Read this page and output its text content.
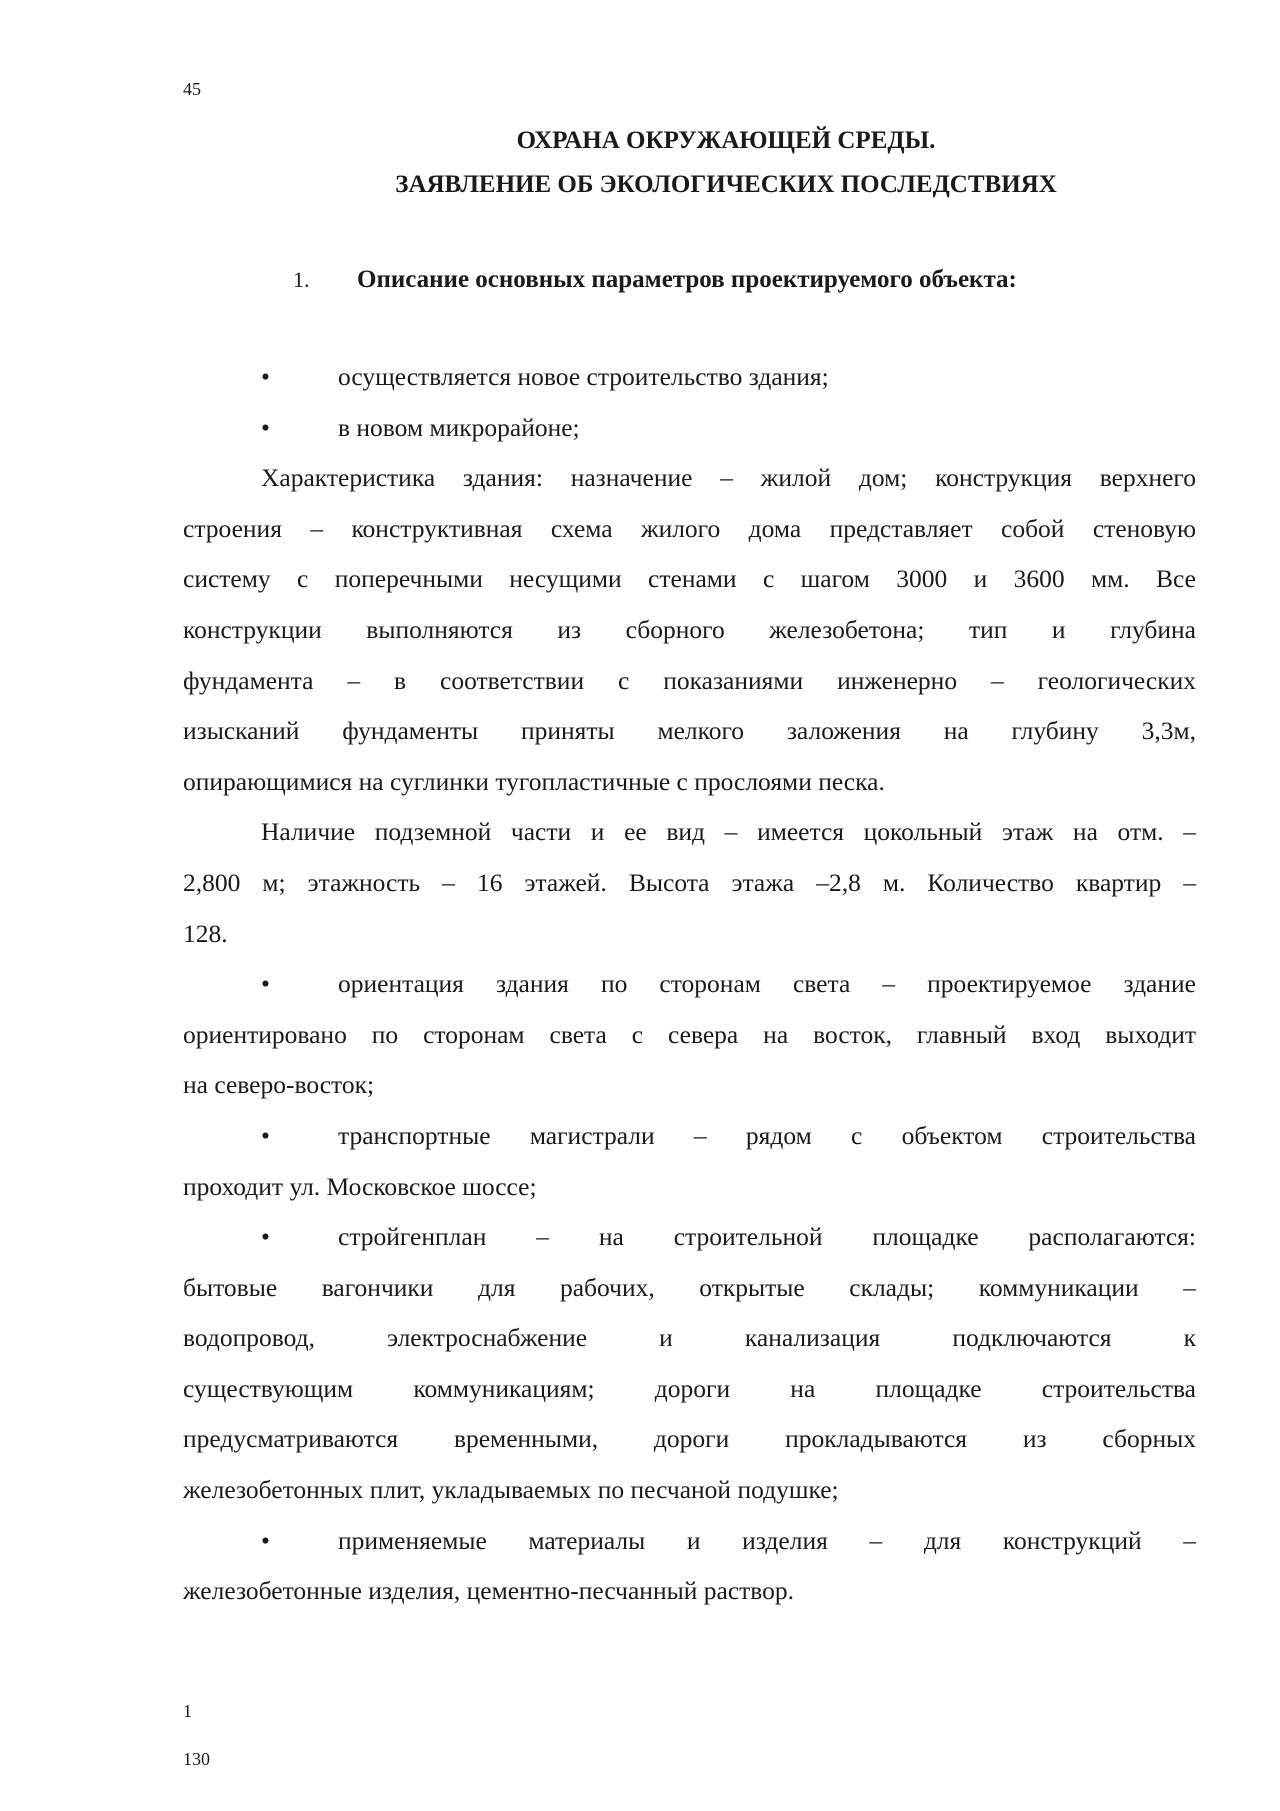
45
ОХРАНА ОКРУЖАЮЩЕЙ СРЕДЫ.
ЗАЯВЛЕНИЕ ОБ ЭКОЛОГИЧЕСКИХ ПОСЛЕДСТВИЯХ
1. Описание основных параметров проектируемого объекта:
•	осуществляется новое строительство здания;
•	в новом микрорайоне;
Характеристика здания: назначение – жилой дом; конструкция верхнего
строения – конструктивная схема жилого дома представляет собой стеновую
систему с поперечными несущими стенами с шагом 3000 и 3600 мм. Все
конструкции выполняются из сборного железобетона; тип и глубина
фундамента – в соответствии с показаниями инженерно – геологических
изысканий фундаменты приняты мелкого заложения на глубину 3,3м,
опирающимися на суглинки тугопластичные с прослоями песка.
Наличие подземной части и ее вид – имеется цокольный этаж на отм. –
2,800 м; этажность – 16 этажей. Высота этажа –2,8 м. Количество квартир –
128.
•	ориентация здания по сторонам света – проектируемое здание
ориентировано по сторонам света с севера на восток, главный вход выходит
на северо-восток;
•	транспортные магистрали – рядом с объектом строительства
проходит ул. Московское шоссе;
•	стройгенплан – на строительной площадке располагаются:
бытовые вагончики для рабочих, открытые склады; коммуникации –
водопровод, электроснабжение и канализация подключаются к
существующим коммуникациям; дороги на площадке строительства
предусматриваются временными, дороги прокладываются из сборных
железобетонных плит, укладываемых по песчаной подушке;
•	применяемые материалы и изделия – для конструкций –
железобетонные изделия, цементно-песчанный раствор.
1
130
